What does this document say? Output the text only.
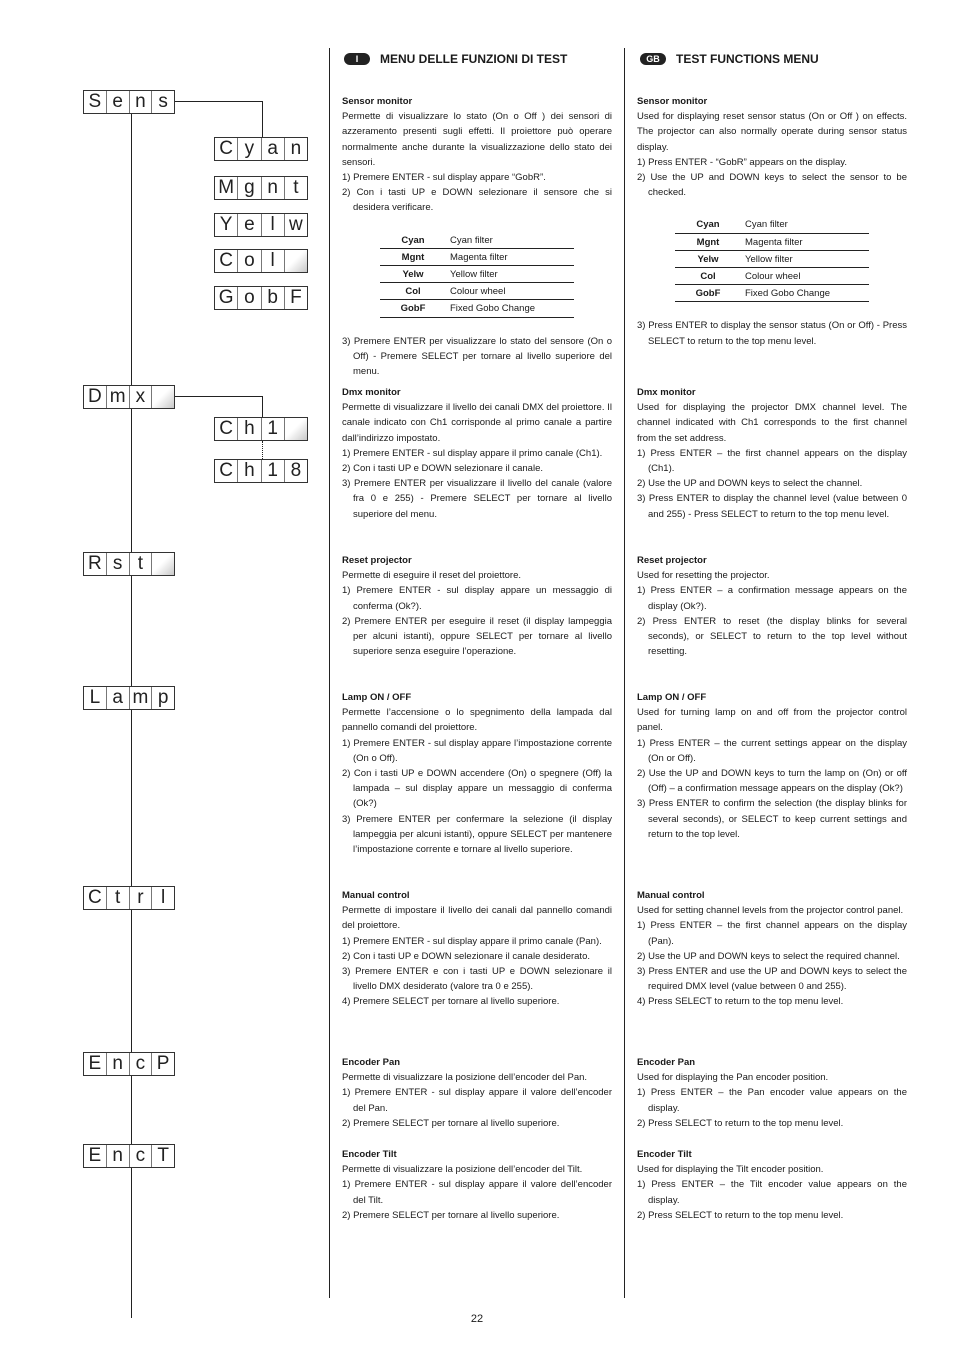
S e n s
C y a n
M g n t
Y e l w
C o l
G o b F
D m x
C h 1
C h 1 8
R s t
L a m p
C t r l
E n c P
E n c T
I	MENU DELLE FUNZIONI DI TEST
Sensor monitor

Permette di visualizzare lo stato (On o Off ) dei sensori di azzeramento presenti sugli effetti. Il proiettore può operare normalmente anche durante la visualizzazione dello stato dei sensori.

1) Premere ENTER - sul display appare “GobR”.
2) Con i tasti UP e DOWN selezionare il sensore che si desidera verificare.
Cyan	Cyan filter
Mgnt	Magenta filter
Yelw	Yellow filter
Col	Colour wheel
GobF	Fixed Gobo Change
3) Premere ENTER per visualizzare lo stato del sensore (On o Off) - Premere SELECT per tornare al livello superiore del menu.
Dmx monitor

Permette di visualizzare il livello dei canali DMX del proiettore. Il canale indicato con Ch1 corrisponde al primo canale a partire dall’indirizzo impostato.

1) Premere ENTER - sul display appare il primo canale (Ch1).
2) Con i tasti UP e DOWN selezionare il canale.
3) Premere ENTER per visualizzare il livello del canale (valore fra 0 e 255) - Premere SELECT per tornare al livello superiore del menu.
Reset projector

Permette di eseguire il reset del proiettore.

1) Premere ENTER - sul display appare un messaggio di conferma (Ok?).
2) Premere ENTER per eseguire il reset (il display lampeggia per alcuni istanti), oppure SELECT per tornare al livello superiore senza eseguire l’operazione.
Lamp ON / OFF

Permette l’accensione o lo spegnimento della lampada dal pannello comandi del proiettore.

1) Premere ENTER - sul display appare l’impostazione corrente (On o Off).
2) Con i tasti UP e DOWN accendere (On) o spegnere (Off) la lampada – sul display appare un messaggio di conferma (Ok?)
3) Premere ENTER per confermare la selezione (il display lampeggia per alcuni istanti), oppure SELECT per mantenere l’impostazione corrente e tornare al livello superiore.
Manual control

Permette di impostare il livello dei canali dal pannello comandi del proiettore.

1) Premere ENTER - sul display appare il primo canale (Pan).
2) Con i tasti UP e DOWN selezionare il canale desiderato.
3) Premere ENTER e con i tasti UP e DOWN selezionare il livello DMX desiderato (valore tra 0 e 255).
4) Premere SELECT per tornare al livello superiore.
Encoder Pan

Permette di visualizzare la posizione dell’encoder del Pan.

1) Premere ENTER - sul display appare il valore dell’encoder del Pan.
2) Premere SELECT per tornare al livello superiore.
Encoder Tilt

Permette di visualizzare la posizione dell’encoder del Tilt.

1) Premere ENTER - sul display appare il valore dell’encoder del Tilt.
2) Premere SELECT per tornare al livello superiore.
GB	TEST FUNCTIONS MENU
Sensor monitor

Used for displaying reset sensor status (On or Off ) on effects. The projector can also normally operate during sensor status display.

1) Press ENTER - “GobR” appears on the display.
2) Use the UP and DOWN keys to select the sensor to be checked.
Cyan	Cyan filter
Mgnt	Magenta filter
Yelw	Yellow filter
Col	Colour wheel
GobF	Fixed Gobo Change
3) Press ENTER to display the sensor status (On or Off) - Press SELECT to return to the top menu level.
Dmx monitor

Used for displaying the projector DMX channel level. The channel indicated with Ch1 corresponds to the first channel from the set address.

1) Press ENTER – the first channel appears on the display (Ch1).
2) Use the UP and DOWN keys to select the channel.
3) Press ENTER to display the channel level (value between 0 and 255) - Press SELECT to return to the top menu level.
Reset projector

Used for resetting the projector.

1) Press ENTER – a confirmation message appears on the display (Ok?).
2) Press ENTER to reset (the display blinks for several seconds), or SELECT to return to the top level without resetting.
Lamp ON / OFF

Used for turning lamp on and off from the projector control panel.

1) Press ENTER – the current settings appear on the display (On or Off).
2) Use the UP and DOWN keys to turn the lamp on (On) or off (Off) – a confirmation message appears on the display (Ok?)
3) Press ENTER to confirm the selection (the display blinks for several seconds), or SELECT to keep current settings and return to the top level.
Manual control

Used for setting channel levels from the projector control panel.

1) Press ENTER – the first channel appears on the display (Pan).
2) Use the UP and DOWN keys to select the required channel.
3) Press ENTER and use the UP and DOWN keys to select the required DMX level (value between 0 and 255).
4) Press SELECT to return to the top menu level.
Encoder Pan

Used for displaying the Pan encoder position.

1) Press ENTER – the Pan encoder value appears on the display.
2) Press SELECT to return to the top menu level.
Encoder Tilt

Used for displaying the Tilt encoder position.

1) Press ENTER – the Tilt encoder value appears on the display.
2) Press SELECT to return to the top menu level.
22
